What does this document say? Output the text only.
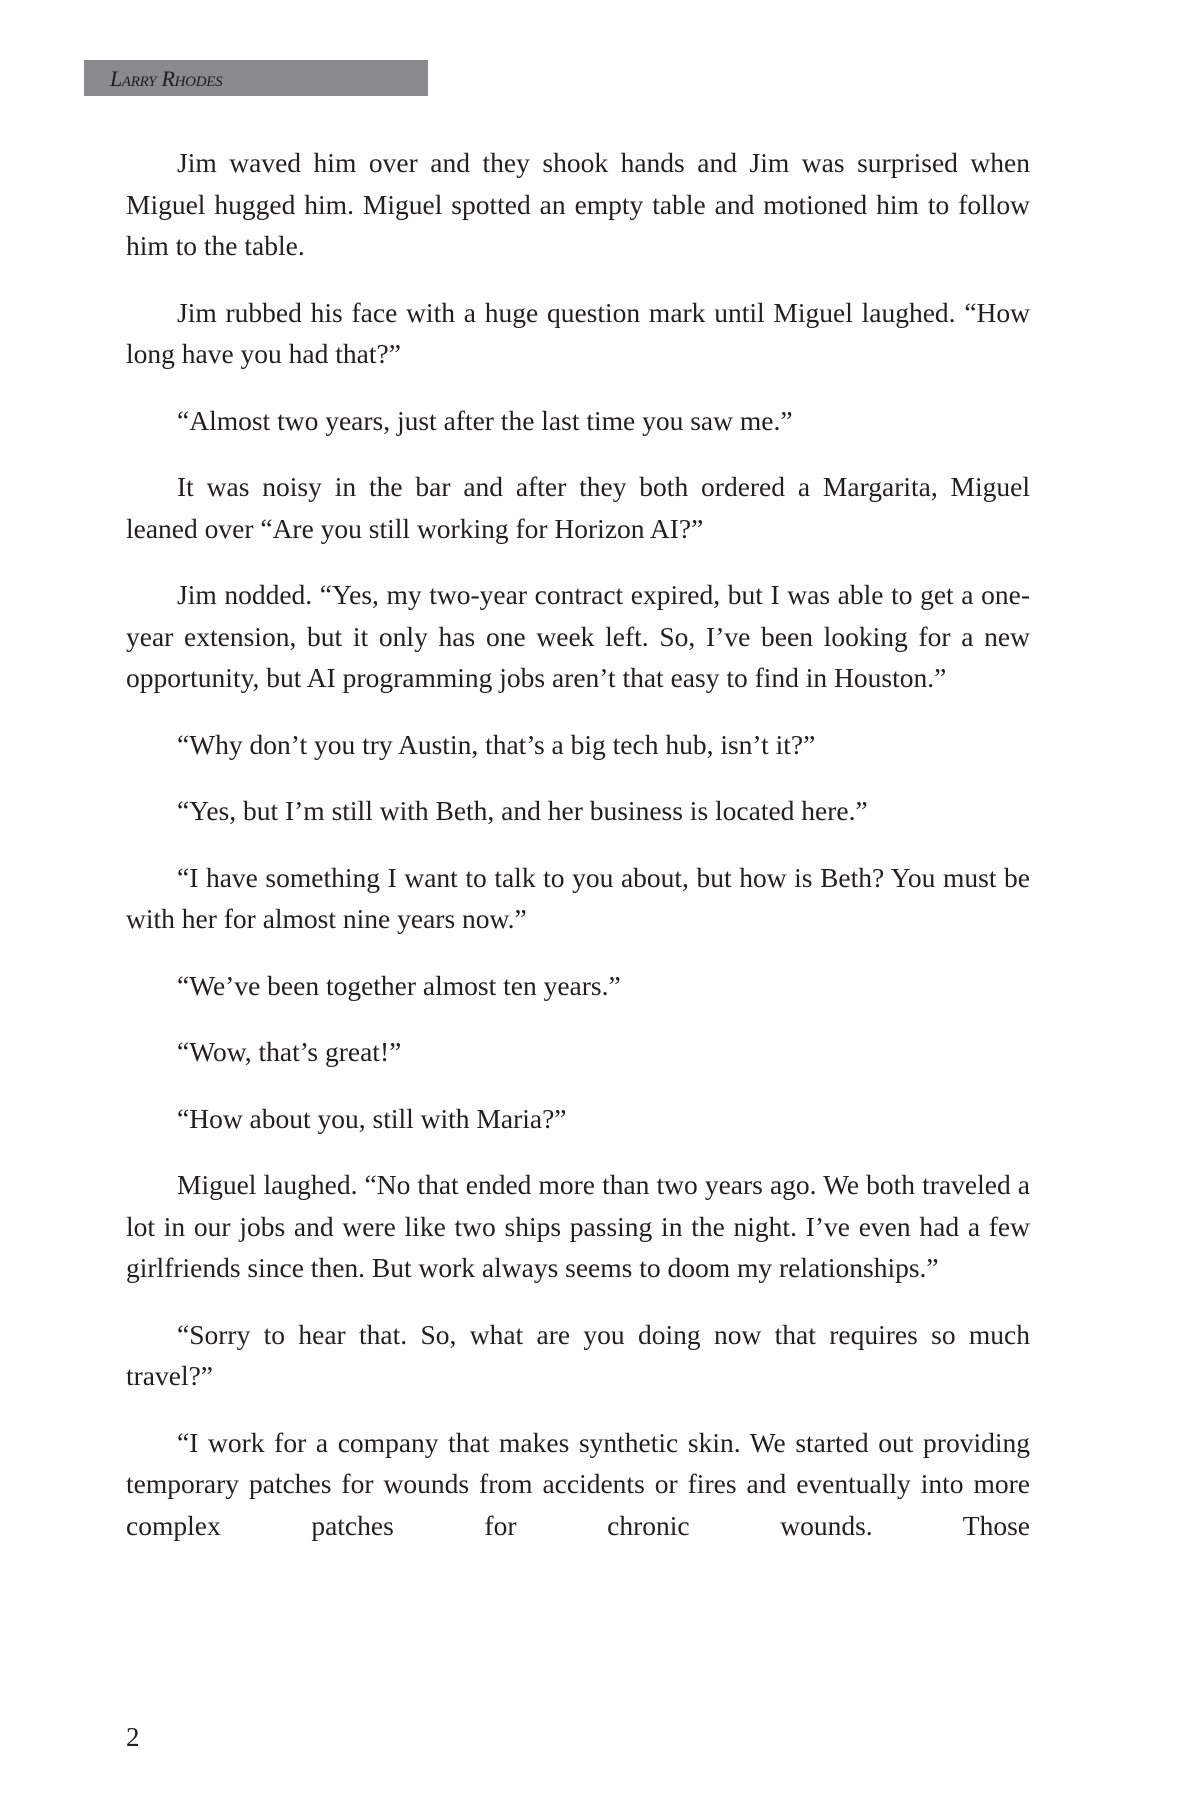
Larry Rhodes

Jim waved him over and they shook hands and Jim was surprised when Miguel hugged him. Miguel spotted an empty table and motioned him to follow him to the table.

Jim rubbed his face with a huge question mark until Miguel laughed. “How long have you had that?”

“Almost two years, just after the last time you saw me.”

It was noisy in the bar and after they both ordered a Margarita, Miguel leaned over “Are you still working for Horizon AI?”

Jim nodded. “Yes, my two-year contract expired, but I was able to get a one-year extension, but it only has one week left. So, I’ve been looking for a new opportunity, but AI programming jobs aren’t that easy to find in Houston.”

“Why don’t you try Austin, that’s a big tech hub, isn’t it?”

“Yes, but I’m still with Beth, and her business is located here.”

“I have something I want to talk to you about, but how is Beth? You must be with her for almost nine years now.”

“We’ve been together almost ten years.”

“Wow, that’s great!”

“How about you, still with Maria?”

Miguel laughed. “No that ended more than two years ago. We both traveled a lot in our jobs and were like two ships passing in the night. I’ve even had a few girlfriends since then. But work always seems to doom my relationships.”

“Sorry to hear that. So, what are you doing now that requires so much travel?”

“I work for a company that makes synthetic skin. We started out providing temporary patches for wounds from accidents or fires and eventually into more complex patches for chronic wounds. Those

2
